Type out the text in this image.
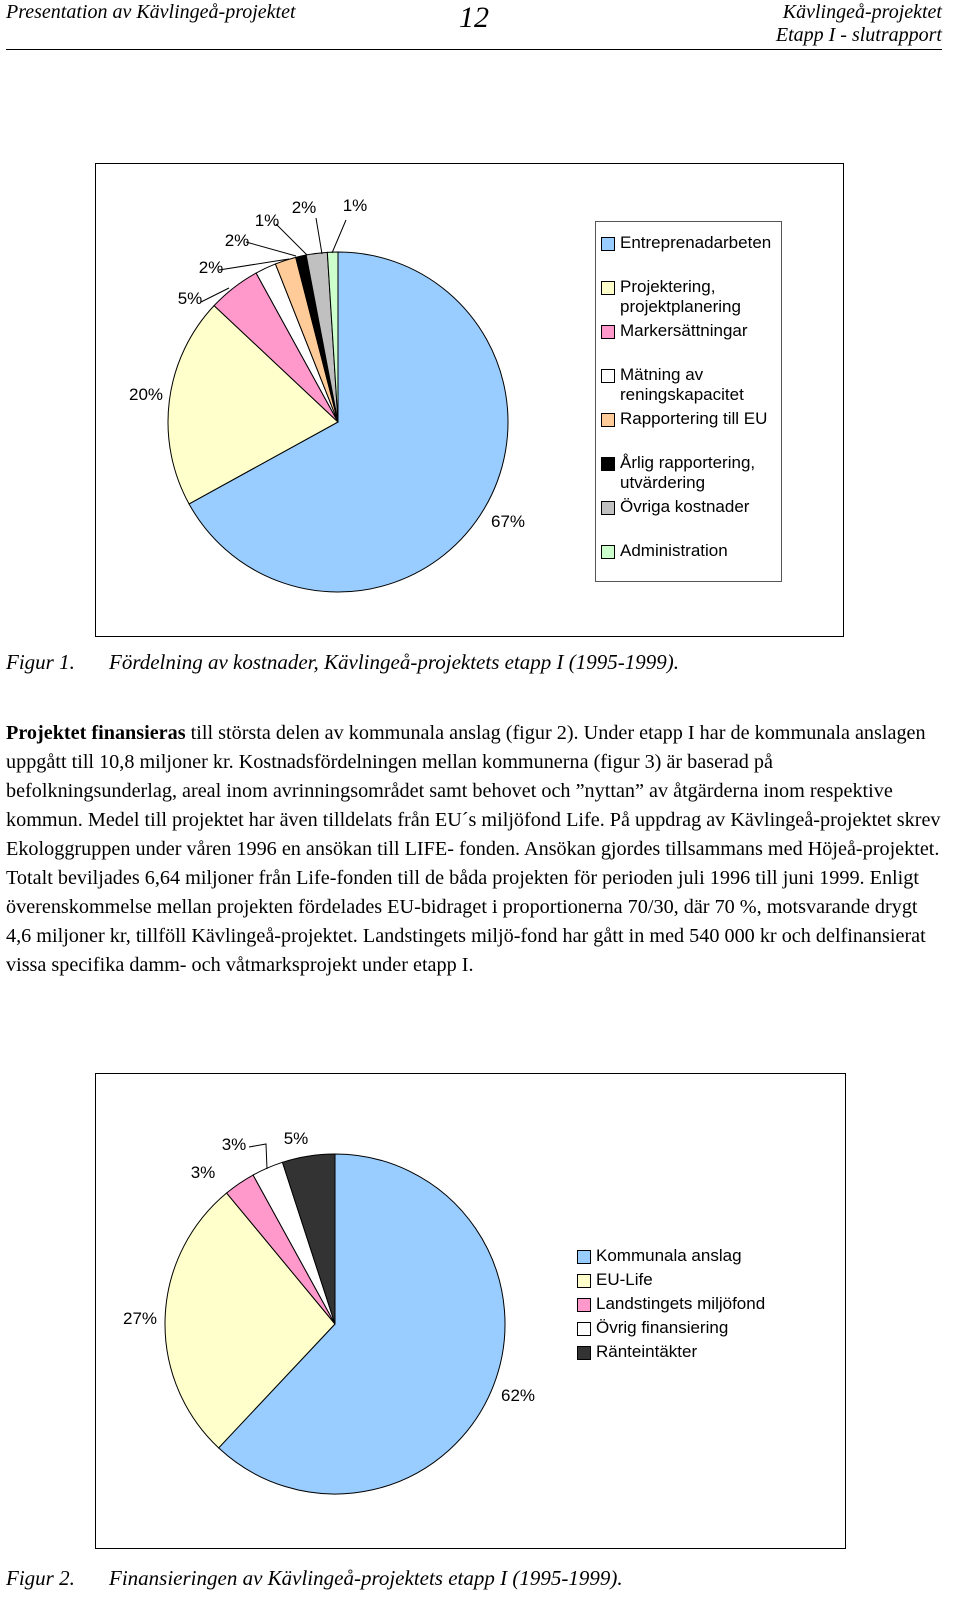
Presentation av Kävlingeå-projektet	12	Kävlingeå-projektet
Etapp I - slutrapport
67%
20%
5%
2%
2%
1%
2% 1%
Entreprenadarbeten
Projektering,
projektplanering
Markersättningar
Mätning av
reningskapacitet
Rapportering till EU
Årlig rapportering,
utvärdering
Övriga kostnader
Administration
Figur 1. Fördelning av kostnader, Kävlingeå-projektets etapp I (1995-1999).
Projektet finansieras till största delen av kommunala anslag (figur 2). Under etapp I har de kommunala anslagen uppgått till 10,8 miljoner kr. Kostnadsfördelningen mellan kommunerna (figur 3) är baserad på befolkningsunderlag, areal inom avrinningsområdet samt behovet och ”nyttan” av åtgärderna inom respektive kommun. Medel till projektet har även tilldelats från EU´s miljöfond Life. På uppdrag av Kävlingeå-projektet skrev Ekologgruppen under våren 1996 en ansökan till LIFE- fonden. Ansökan gjordes tillsammans med Höjeå-projektet. Totalt beviljades 6,64 miljoner från Life-fonden till de båda projekten för perioden juli 1996 till juni 1999. Enligt överenskommelse mellan projekten fördelades EU-bidraget i proportionerna 70/30, där 70 %, motsvarande drygt 4,6 miljoner kr, tillföll Kävlingeå-projektet. Landstingets miljö-fond har gått in med 540 000 kr och delfinansierat vissa specifika damm- och våtmarksprojekt under etapp I.
62%
27%
3%
3% 5%
Kommunala anslag
EU-Life
Landstingets miljöfond
Övrig finansiering
Ränteintäkter
Figur 2. Finansieringen av Kävlingeå-projektets etapp I (1995-1999).
